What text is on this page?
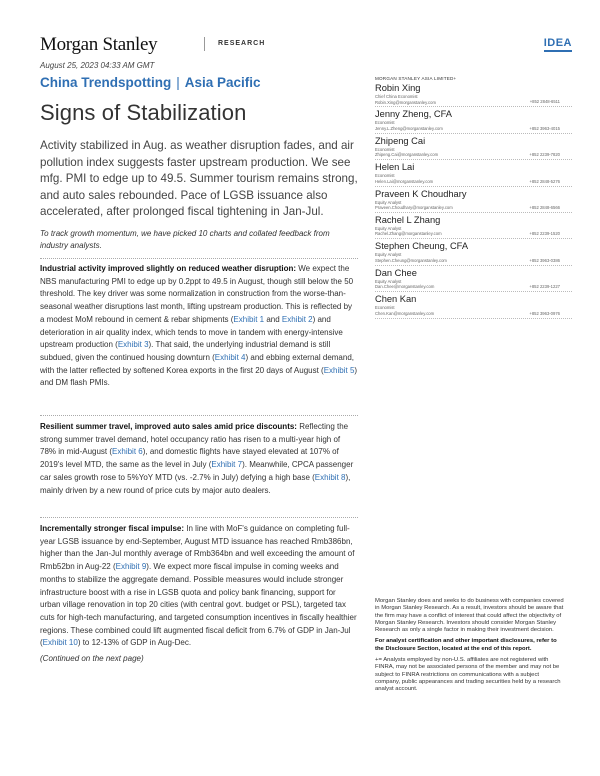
Morgan Stanley	RESEARCH	IDEA
August 25, 2023 04:33 AM GMT
China Trendspotting | Asia Pacific
Signs of Stabilization
Activity stabilized in Aug. as weather disruption fades, and air pollution index suggests faster upstream production. We see mfg. PMI to edge up to 49.5. Summer tourism remains strong, and auto sales rebounded. Pace of LGSB issuance also accelerated, after prolonged fiscal tightening in Jan-Jul.
To track growth momentum, we have picked 10 charts and collated feedback from industry analysts.
Industrial activity improved slightly on reduced weather disruption: We expect the NBS manufacturing PMI to edge up by 0.2ppt to 49.5 in August, though still below the 50 threshold. The key driver was some normalization in construction from the worse-than-seasonal weather disruptions last month, lifting upstream production. This is reflected by a modest MoM rebound in cement & rebar shipments (Exhibit 1 and Exhibit 2) and deterioration in air quality index, which tends to move in tandem with energy-intensive upstream production (Exhibit 3). That said, the underlying industrial demand is still subdued, given the continued housing downturn (Exhibit 4) and ebbing external demand, with the latter reflected by softened Korea exports in the first 20 days of August (Exhibit 5) and DM flash PMIs.
Resilient summer travel, improved auto sales amid price discounts: Reflecting the strong summer travel demand, hotel occupancy ratio has risen to a multi-year high of 78% in mid-August (Exhibit 6), and domestic flights have stayed elevated at 107% of 2019's level MTD, the same as the level in July (Exhibit 7). Meanwhile, CPCA passenger car sales growth rose to 5%YoY MTD (vs. -2.7% in July) defying a high base (Exhibit 8), mainly driven by a new round of price cuts by major auto dealers.
Incrementally stronger fiscal impulse: In line with MoF's guidance on completing full-year LGSB issuance by end-September, August MTD issuance has reached Rmb386bn, higher than the Jan-Jul monthly average of Rmb364bn and well exceeding the amount of Rmb52bn in Aug-22 (Exhibit 9). We expect more fiscal impulse in coming weeks and months to stabilize the aggregate demand. Possible measures would include stronger infrastructure boost with a rise in LGSB quota and policy bank financing, support for urban village renovation in top 20 cities (with central govt. budget or PSL), targeted tax cuts for high-tech manufacturing, and targeted consumption incentives in fiscally healthier regions. These combined could lift augmented fiscal deficit from 6.7% of GDP in Jan-Jul (Exhibit 10) to 12-13% of GDP in Aug-Dec.
(Continued on the next page)
MORGAN STANLEY ASIA LIMITED+
Robin Xing
Chief China Economist
Robin.Xing@morganstanley.com	+852 2848-6511
Jenny Zheng, CFA
Economist
Jenny.L.Zheng@morganstanley.com	+852 3963-4015
Zhipeng Cai
Economist
Zhipeng.Cai@morganstanley.com	+852 2239-7820
Helen Lai
Economist
Helen.Lai@morganstanley.com	+852 2848-5276
Praveen K Choudhary
Equity Analyst
Praveen.Choudhary@morganstanley.com	+852 2848-6566
Rachel L Zhang
Equity Analyst
Rachel.Zhang@morganstanley.com	+852 2239-1520
Stephen Cheung, CFA
Equity Analyst
Stephen.Cheung@morganstanley.com	+852 3963-0386
Dan Chee
Equity Analyst
Dan.Chee@morganstanley.com	+852 2239-1227
Chen Kan
Economist
Chen.Kan@morganstanley.com	+852 3963-0976

Morgan Stanley does and seeks to do business with companies covered in Morgan Stanley Research. As a result, investors should be aware that the firm may have a conflict of interest that could affect the objectivity of Morgan Stanley Research. Investors should consider Morgan Stanley Research as only a single factor in making their investment decision.

For analyst certification and other important disclosures, refer to the Disclosure Section, located at the end of this report.

+= Analysts employed by non-U.S. affiliates are not registered with FINRA, may not be associated persons of the member and may not be subject to FINRA restrictions on communications with a subject company, public appearances and trading securities held by a research analyst account.
